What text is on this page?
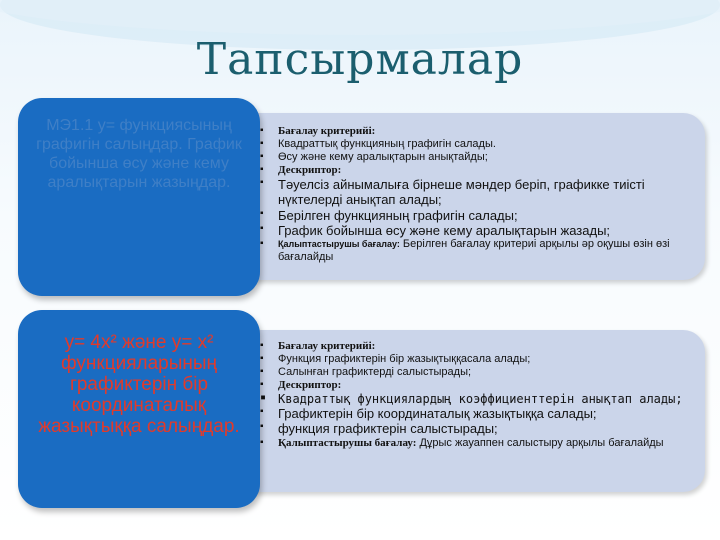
Тапсырмалар
▪ Бағалау критерийі:
▪ Квадраттық функцияның графигін салады.
▪ Өсу және кему аралықтарын анықтайды;
▪ Дескриптор:
▪ Тәуелсіз айнымалыға бірнеше мәндер беріп, графикке тиісті нүктелерді анықтап алады;
▪ Берілген функцияның графигін салады;
▪ График бойынша өсу және кему аралықтарын жазады;
▪ Қалыптастырушы бағалау: Берілген бағалау критериі арқылы әр оқушы өзін өзі бағалайды
МЭ1.1 у= функциясының графигін салыңдар. График бойынша өсу және кему аралықтарын жазыңдар.
▪ Бағалау критерийі:
▪ Функция графиктерін бір жазықтыққасала алады;
▪ Салынған графиктерді салыстырады;
▪ Дескриптор:
▪ Квадраттық функциялардың коэффициенттерін анықтап алады;
▪ Графиктерін бір координаталық жазықтыққа салады;
▪ функция графиктерін салыстырады;
▪ Қалыптастырушы бағалау: Дұрыс жауаппен салыстыру арқылы бағалайды
у= 4х² және у= х² функцияларының графиктерін бір координаталық жазықтыққа салыңдар.
